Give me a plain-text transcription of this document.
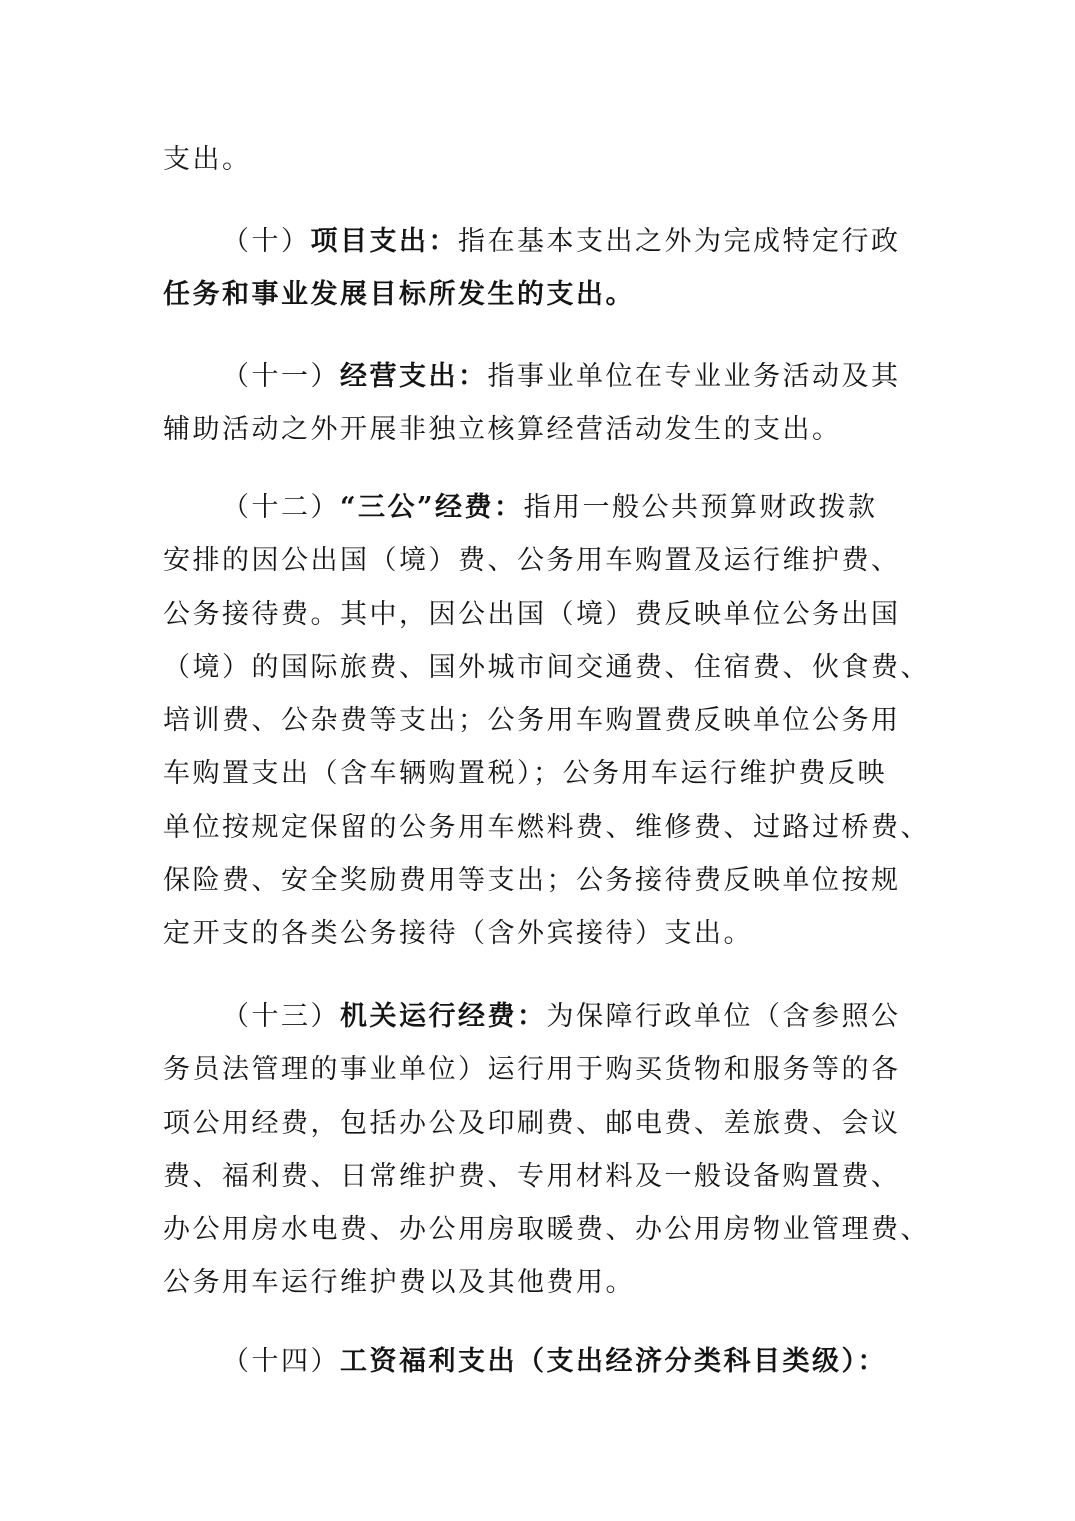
支出。
（十）项目支出：指在基本支出之外为完成特定行政
任务和事业发展目标所发生的支出。
（十一）经营支出：指事业单位在专业业务活动及其
辅助活动之外开展非独立核算经营活动发生的支出。
（十二）“三公”经费：指用一般公共预算财政拨款
安排的因公出国（境）费、公务用车购置及运行维护费、
公务接待费。其中，因公出国（境）费反映单位公务出国
（境）的国际旅费、国外城市间交通费、住宿费、伙食费、
培训费、公杂费等支出；公务用车购置费反映单位公务用
车购置支出（含车辆购置税）；公务用车运行维护费反映
单位按规定保留的公务用车燃料费、维修费、过路过桥费、
保险费、安全奖励费用等支出；公务接待费反映单位按规
定开支的各类公务接待（含外宾接待）支出。
（十三）机关运行经费：为保障行政单位（含参照公
务员法管理的事业单位）运行用于购买货物和服务等的各
项公用经费，包括办公及印刷费、邮电费、差旅费、会议
费、福利费、日常维护费、专用材料及一般设备购置费、
办公用房水电费、办公用房取暖费、办公用房物业管理费、
公务用车运行维护费以及其他费用。
（十四）工资福利支出（支出经济分类科目类级）：
